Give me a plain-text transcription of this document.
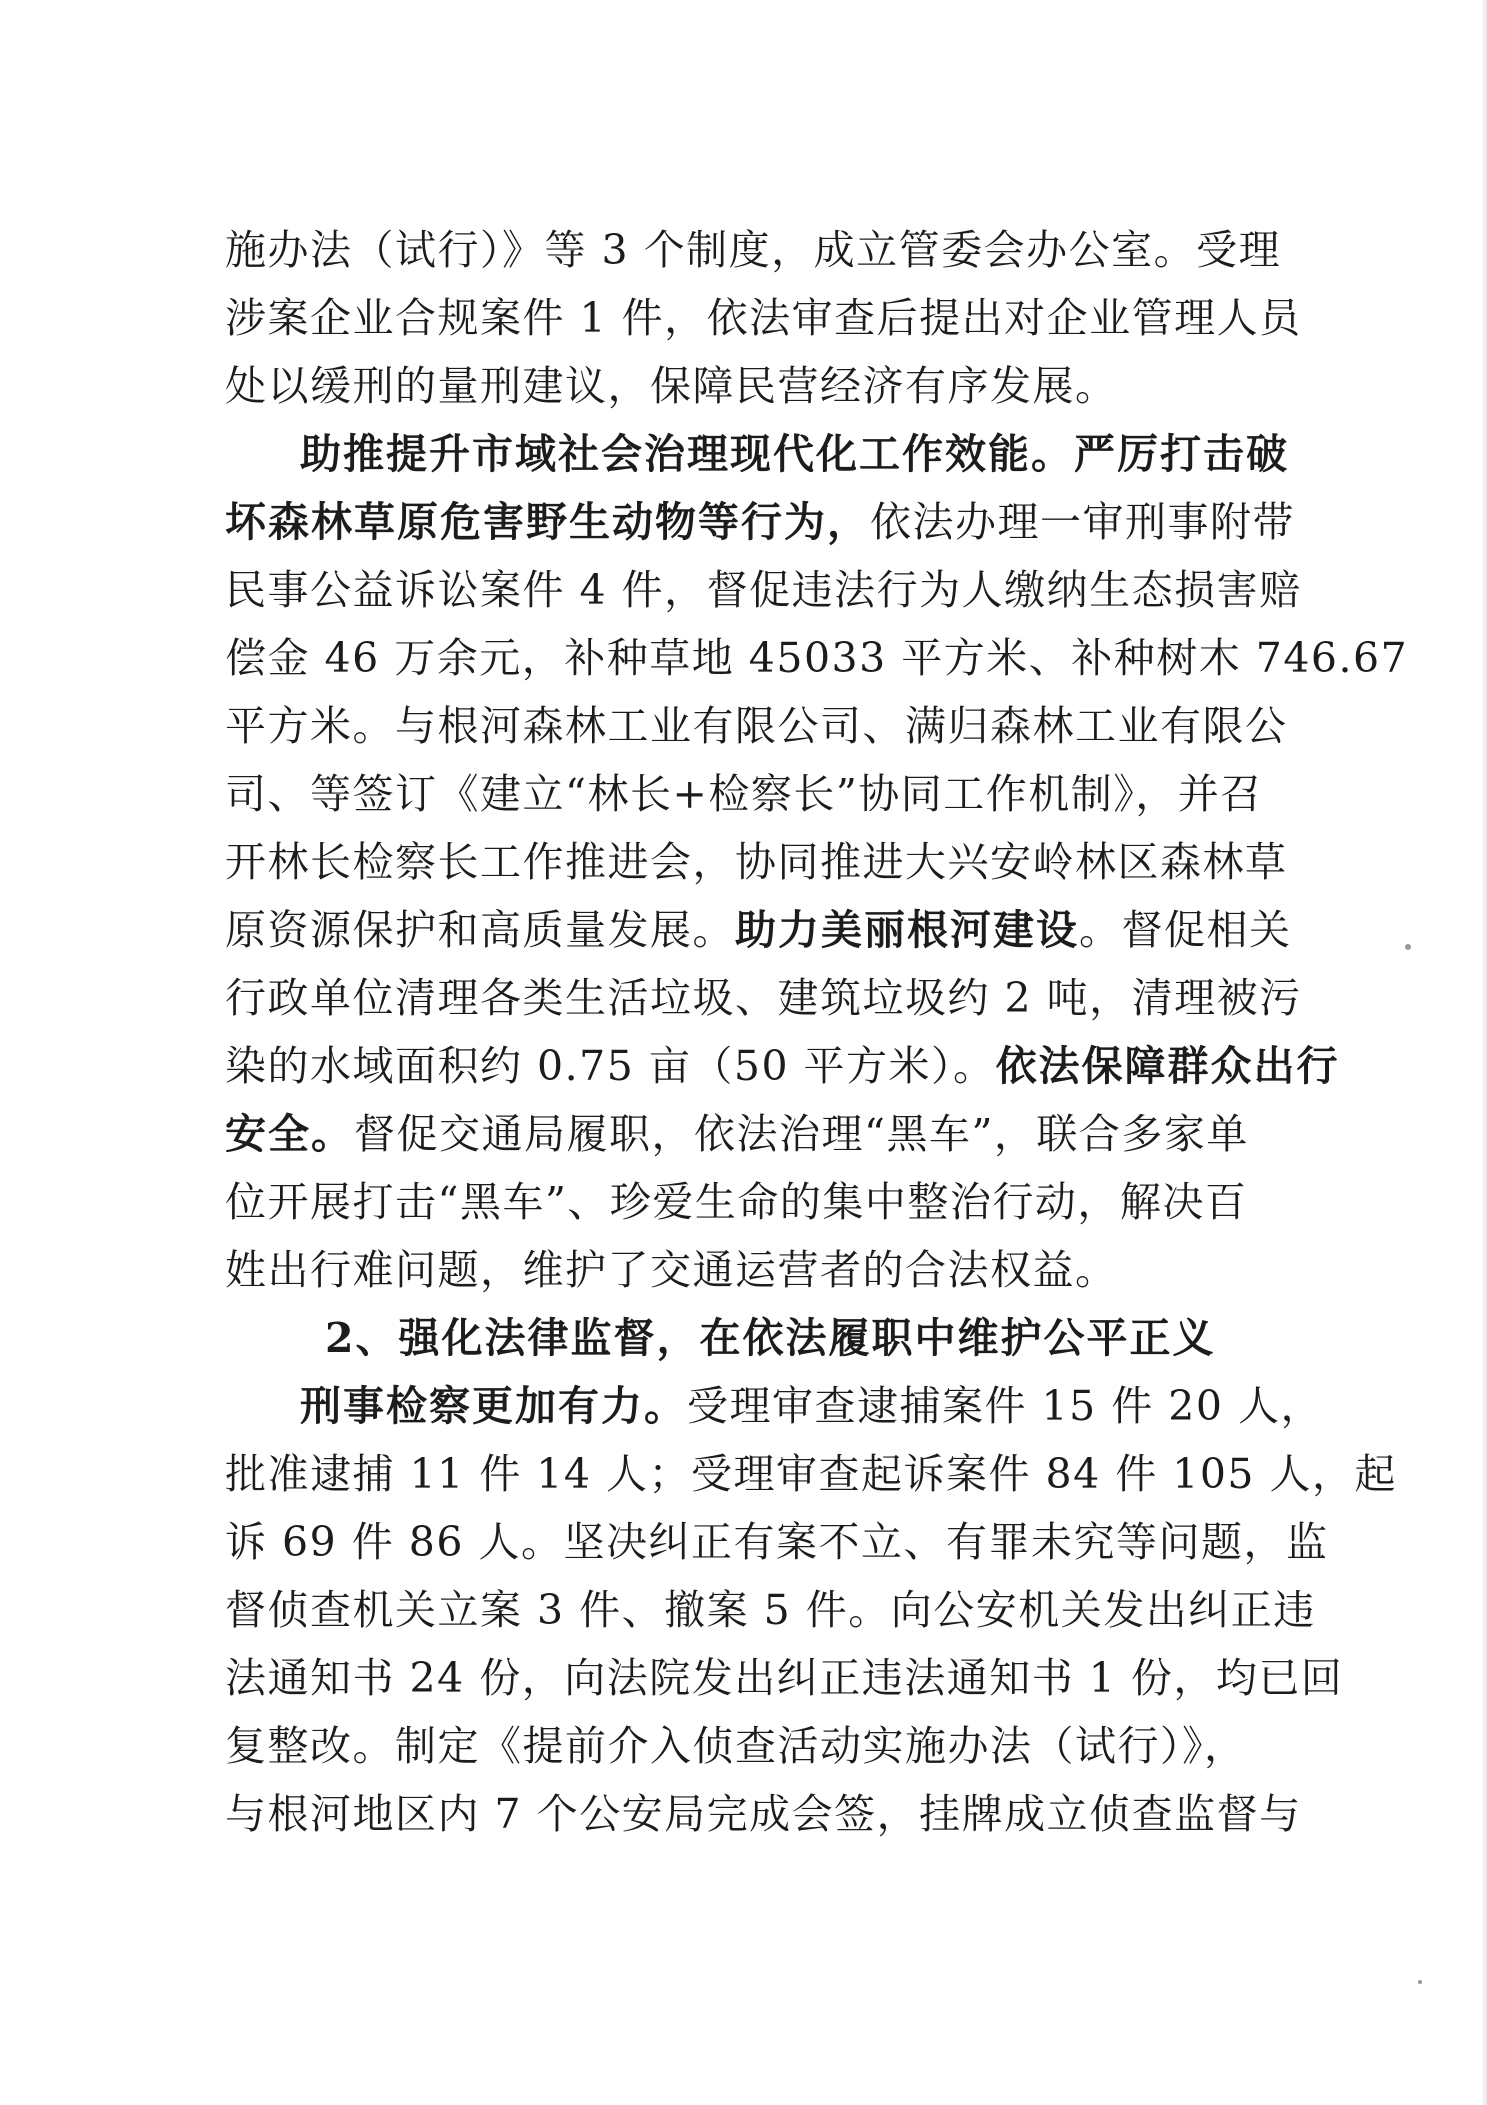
施办法（试行）》等 3 个制度，成立管委会办公室。受理
涉案企业合规案件 1 件，依法审查后提出对企业管理人员
处以缓刑的量刑建议，保障民营经济有序发展。
助推提升市域社会治理现代化工作效能。严厉打击破
坏森林草原危害野生动物等行为，依法办理一审刑事附带
民事公益诉讼案件 4 件，督促违法行为人缴纳生态损害赔
偿金 46 万余元，补种草地 45033 平方米、补种树木 746.67
平方米。与根河森林工业有限公司、满归森林工业有限公
司、等签订《建立“林长+检察长”协同工作机制》，并召
开林长检察长工作推进会，协同推进大兴安岭林区森林草
原资源保护和高质量发展。助力美丽根河建设。督促相关
行政单位清理各类生活垃圾、建筑垃圾约 2 吨，清理被污
染的水域面积约 0.75 亩（50 平方米）。依法保障群众出行
安全。督促交通局履职，依法治理“黑车”，联合多家单
位开展打击“黑车”、珍爱生命的集中整治行动，解决百
姓出行难问题，维护了交通运营者的合法权益。
2、强化法律监督，在依法履职中维护公平正义
刑事检察更加有力。受理审查逮捕案件 15 件 20 人，
批准逮捕 11 件 14 人；受理审查起诉案件 84 件 105 人，起
诉 69 件 86 人。坚决纠正有案不立、有罪未究等问题，监
督侦查机关立案 3 件、撤案 5 件。向公安机关发出纠正违
法通知书 24 份，向法院发出纠正违法通知书 1 份，均已回
复整改。制定《提前介入侦查活动实施办法（试行）》，
与根河地区内 7 个公安局完成会签，挂牌成立侦查监督与
